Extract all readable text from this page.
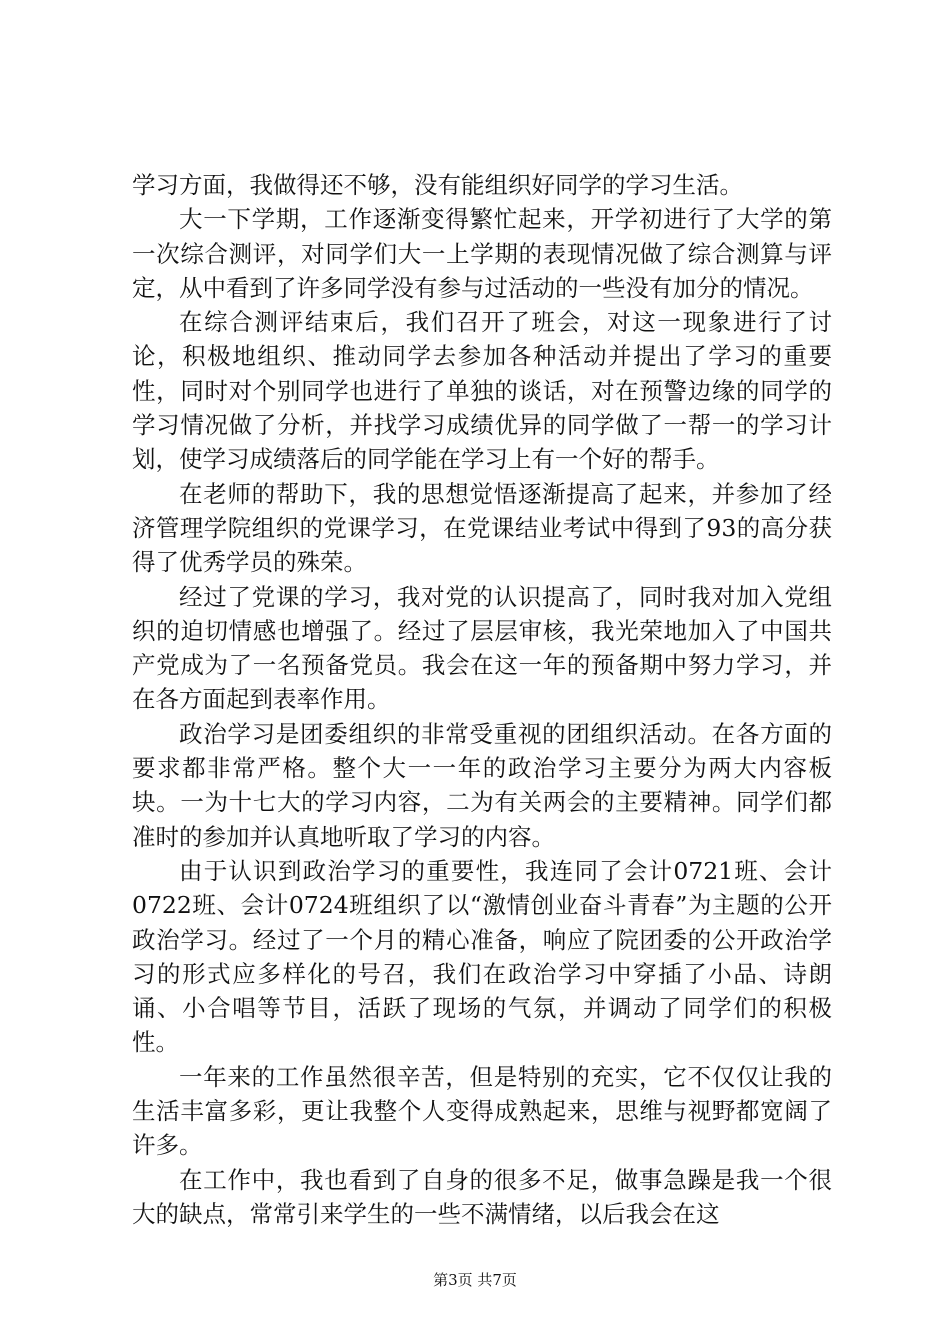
学习方面，我做得还不够，没有能组织好同学的学习生活。

大一下学期，工作逐渐变得繁忙起来，开学初进行了大学的第一次综合测评，对同学们大一上学期的表现情况做了综合测算与评定，从中看到了许多同学没有参与过活动的一些没有加分的情况。

在综合测评结束后，我们召开了班会，对这一现象进行了讨论，积极地组织、推动同学去参加各种活动并提出了学习的重要性，同时对个别同学也进行了单独的谈话，对在预警边缘的同学的学习情况做了分析，并找学习成绩优异的同学做了一帮一的学习计划，使学习成绩落后的同学能在学习上有一个好的帮手。

在老师的帮助下，我的思想觉悟逐渐提高了起来，并参加了经济管理学院组织的党课学习，在党课结业考试中得到了93的高分获得了优秀学员的殊荣。

经过了党课的学习，我对党的认识提高了，同时我对加入党组织的迫切情感也增强了。经过了层层审核，我光荣地加入了中国共产党成为了一名预备党员。我会在这一年的预备期中努力学习，并在各方面起到表率作用。

政治学习是团委组织的非常受重视的团组织活动。在各方面的要求都非常严格。整个大一一年的政治学习主要分为两大内容板块。一为十七大的学习内容，二为有关两会的主要精神。同学们都准时的参加并认真地听取了学习的内容。

由于认识到政治学习的重要性，我连同了会计0721班、会计0722班、会计0724班组织了以“激情创业奋斗青春”为主题的公开政治学习。经过了一个月的精心准备，响应了院团委的公开政治学习的形式应多样化的号召，我们在政治学习中穿插了小品、诗朗诵、小合唱等节目，活跃了现场的气氛，并调动了同学们的积极性。

一年来的工作虽然很辛苦，但是特别的充实，它不仅仅让我的生活丰富多彩，更让我整个人变得成熟起来，思维与视野都宽阔了许多。

在工作中，我也看到了自身的很多不足，做事急躁是我一个很大的缺点，常常引来学生的一些不满情绪，以后我会在这

第3页 共7页
